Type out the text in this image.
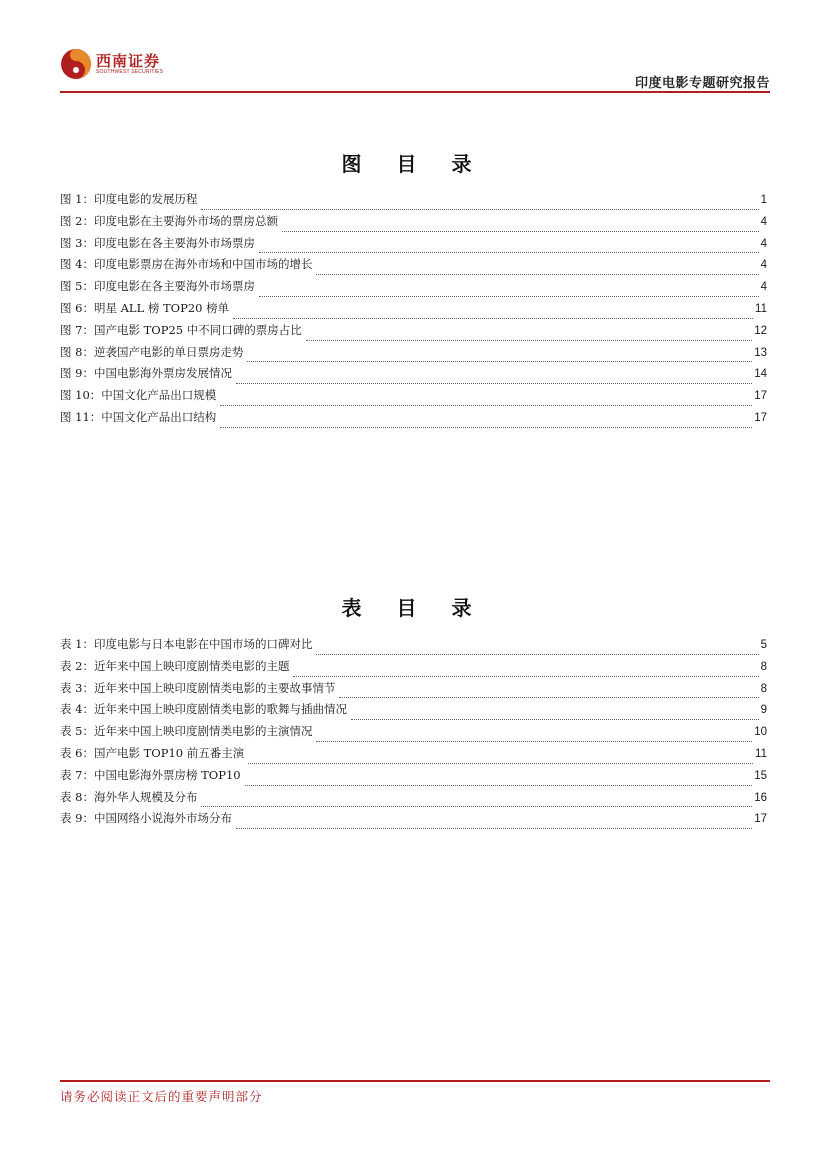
西南证券
SOUTHWEST SECURITIES
印度电影专题研究报告
图 目 录
图 1：印度电影的发展历程	1
图 2：印度电影在主要海外市场的票房总额	4
图 3：印度电影在各主要海外市场票房	4
图 4：印度电影票房在海外市场和中国市场的增长	4
图 5：印度电影在各主要海外市场票房	4
图 6：明星 ALL 榜 TOP20 榜单	11
图 7：国产电影 TOP25 中不同口碑的票房占比	12
图 8：逆袭国产电影的单日票房走势	13
图 9：中国电影海外票房发展情况	14
图 10：中国文化产品出口规模	17
图 11：中国文化产品出口结构	17
表 目 录
表 1：印度电影与日本电影在中国市场的口碑对比	5
表 2：近年来中国上映印度剧情类电影的主题	8
表 3：近年来中国上映印度剧情类电影的主要故事情节	8
表 4：近年来中国上映印度剧情类电影的歌舞与插曲情况	9
表 5：近年来中国上映印度剧情类电影的主演情况	10
表 6：国产电影 TOP10 前五番主演	11
表 7：中国电影海外票房榜 TOP10	15
表 8：海外华人规模及分布	16
表 9：中国网络小说海外市场分布	17
请务必阅读正文后的重要声明部分
